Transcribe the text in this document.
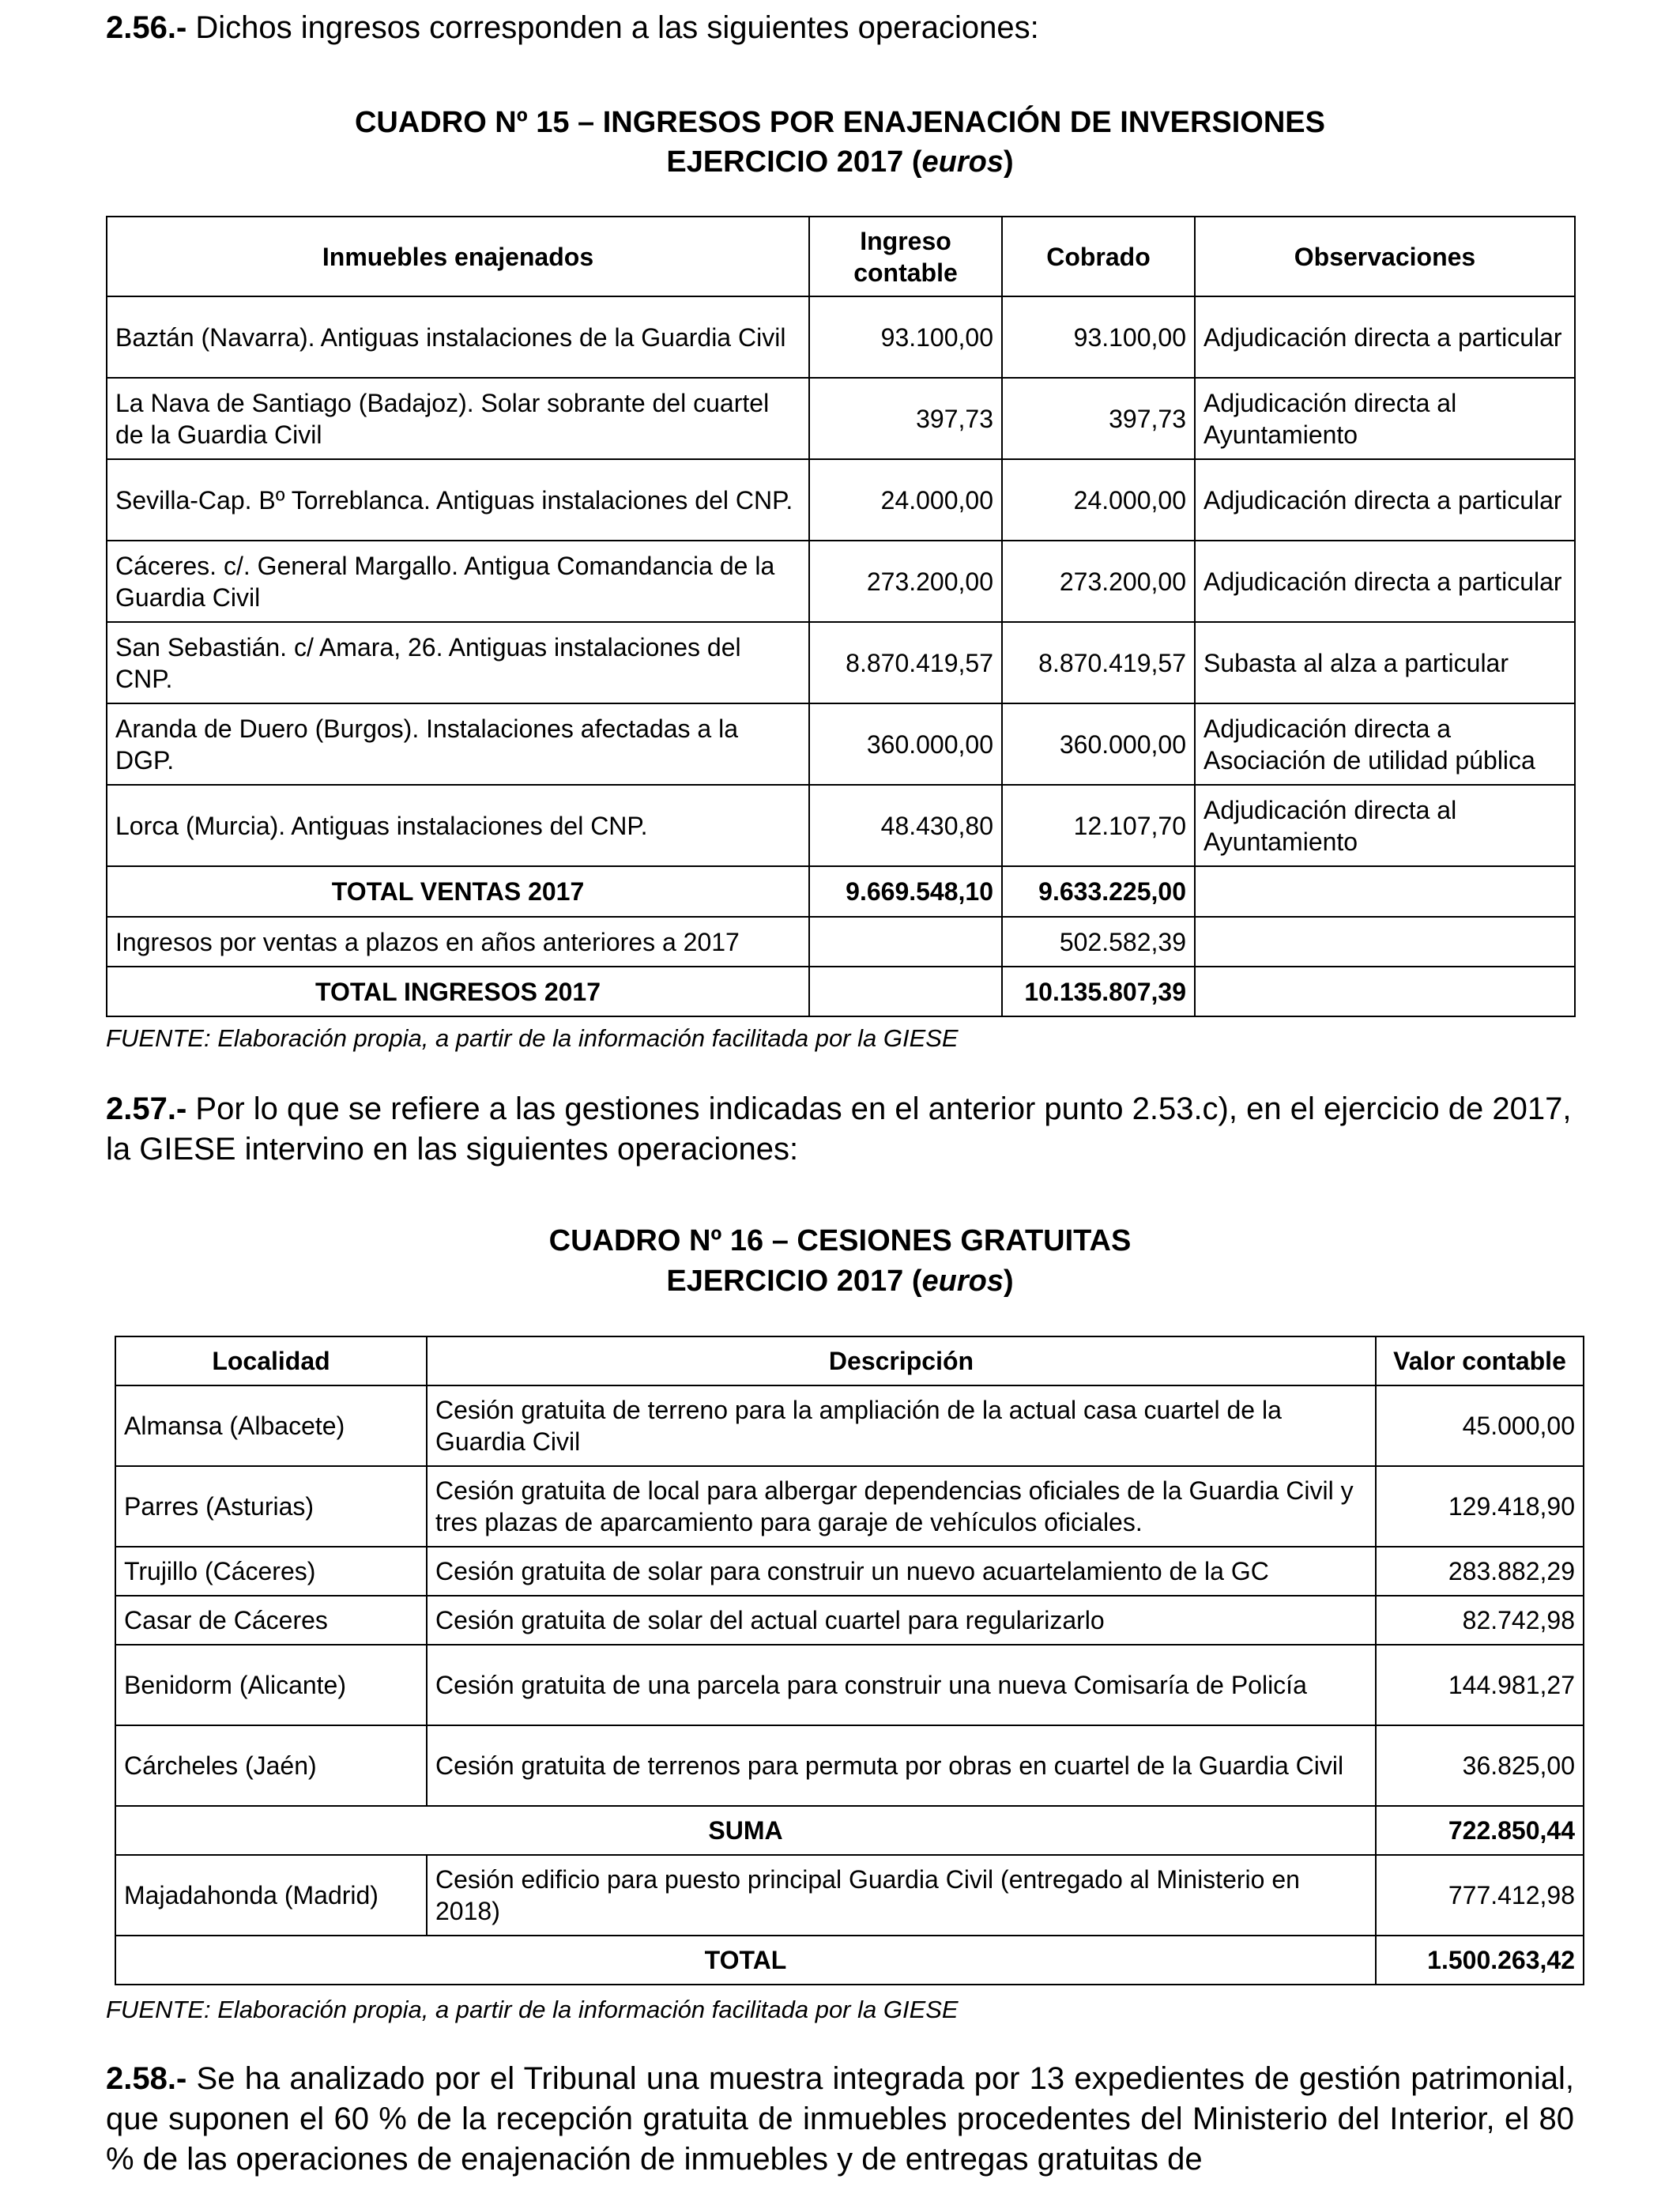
2.56.- Dichos ingresos corresponden a las siguientes operaciones:

CUADRO Nº 15 – INGRESOS POR ENAJENACIÓN DE INVERSIONES

EJERCICIO 2017 (euros)

Inmuebles enajenados	Ingreso contable	Cobrado	Observaciones
Baztán (Navarra). Antiguas instalaciones de la Guardia Civil	93.100,00	93.100,00	Adjudicación directa a particular
La Nava de Santiago (Badajoz). Solar sobrante del cuartel de la Guardia Civil	397,73	397,73	Adjudicación directa al Ayuntamiento
Sevilla-Cap. Bº Torreblanca. Antiguas instalaciones del CNP.	24.000,00	24.000,00	Adjudicación directa a particular
Cáceres. c/. General Margallo. Antigua Comandancia de la Guardia Civil	273.200,00	273.200,00	Adjudicación directa a particular
San Sebastián. c/ Amara, 26. Antiguas instalaciones del CNP.	8.870.419,57	8.870.419,57	Subasta al alza a particular
Aranda de Duero (Burgos). Instalaciones afectadas a la DGP.	360.000,00	360.000,00	Adjudicación directa a Asociación de utilidad pública
Lorca (Murcia). Antiguas instalaciones del CNP.	48.430,80	12.107,70	Adjudicación directa al Ayuntamiento
TOTAL VENTAS 2017	9.669.548,10	9.633.225,00	
Ingresos por ventas a plazos en años anteriores a 2017		502.582,39	
TOTAL INGRESOS 2017		10.135.807,39	

FUENTE: Elaboración propia, a partir de la información facilitada por la GIESE

2.57.- Por lo que se refiere a las gestiones indicadas en el anterior punto 2.53.c), en el ejercicio de 2017, la GIESE intervino en las siguientes operaciones:

CUADRO Nº 16 – CESIONES GRATUITAS

EJERCICIO 2017 (euros)

Localidad	Descripción	Valor contable
Almansa (Albacete)	Cesión gratuita de terreno para la ampliación de la actual casa cuartel de la Guardia Civil	45.000,00
Parres (Asturias)	Cesión gratuita de local para albergar dependencias oficiales de la Guardia Civil y tres plazas de aparcamiento para garaje de vehículos oficiales.	129.418,90
Trujillo (Cáceres)	Cesión gratuita de solar para construir un nuevo acuartelamiento de la GC	283.882,29
Casar de Cáceres	Cesión gratuita de solar del actual cuartel para regularizarlo	82.742,98
Benidorm (Alicante)	Cesión gratuita de una parcela para construir una nueva Comisaría de Policía	144.981,27
Cárcheles (Jaén)	Cesión gratuita de terrenos para permuta por obras en cuartel de la Guardia Civil	36.825,00
SUMA		722.850,44
Majadahonda (Madrid)	Cesión edificio para puesto principal Guardia Civil (entregado al Ministerio en 2018)	777.412,98
TOTAL		1.500.263,42

FUENTE: Elaboración propia, a partir de la información facilitada por la GIESE

2.58.- Se ha analizado por el Tribunal una muestra integrada por 13 expedientes de gestión patrimonial, que suponen el 60 % de la recepción gratuita de inmuebles procedentes del Ministerio del Interior, el 80 % de las operaciones de enajenación de inmuebles y de entregas gratuitas de
